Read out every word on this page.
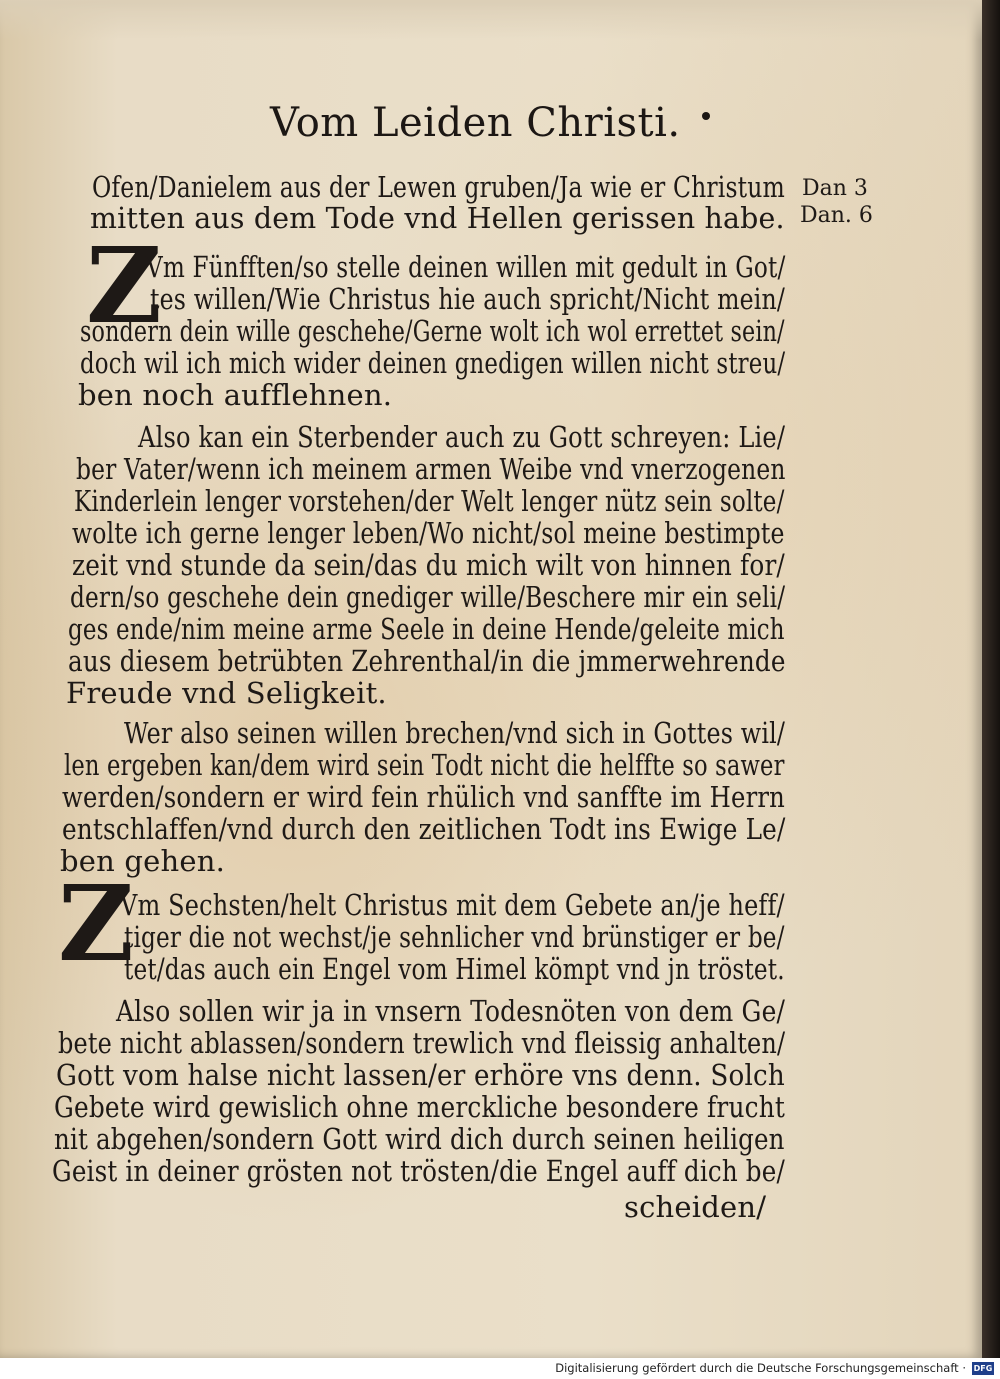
Vom Leiden Christi.
Dan 3
Dan. 6
Ofen/Danielem aus der Lewen gruben/Ja wie er Christum
mitten aus dem Tode vnd Hellen gerissen habe.
Z
Vm Fünfften/so stelle deinen willen mit gedult in Got/
tes willen/Wie Christus hie auch spricht/Nicht mein/
sondern dein wille geschehe/Gerne wolt ich wol errettet sein/
doch wil ich mich wider deinen gnedigen willen nicht streu/
ben noch aufflehnen.
Also kan ein Sterbender auch zu Gott schreyen: Lie/
ber Vater/wenn ich meinem armen Weibe vnd vnerzogenen
Kinderlein lenger vorstehen/der Welt lenger nütz sein solte/
wolte ich gerne lenger leben/Wo nicht/sol meine bestimpte
zeit vnd stunde da sein/das du mich wilt von hinnen for/
dern/so geschehe dein gnediger wille/Beschere mir ein seli/
ges ende/nim meine arme Seele in deine Hende/geleite mich
aus diesem betrübten Zehrenthal/in die jmmerwehrende
Freude vnd Seligkeit.
Wer also seinen willen brechen/vnd sich in Gottes wil/
len ergeben kan/dem wird sein Todt nicht die helffte so sawer
werden/sondern er wird fein rhülich vnd sanffte im Herrn
entschlaffen/vnd durch den zeitlichen Todt ins Ewige Le/
ben gehen.
Z
Vm Sechsten/helt Christus mit dem Gebete an/je heff/
tiger die not wechst/je sehnlicher vnd brünstiger er be/
tet/das auch ein Engel vom Himel kömpt vnd jn tröstet.
Also sollen wir ja in vnsern Todesnöten von dem Ge/
bete nicht ablassen/sondern trewlich vnd fleissig anhalten/
Gott vom halse nicht lassen/er erhöre vns denn. Solch
Gebete wird gewislich ohne merckliche besondere frucht
nit abgehen/sondern Gott wird dich durch seinen heiligen
Geist in deiner grösten not trösten/die Engel auff dich be/
scheiden/
Digitalisierung gefördert durch die Deutsche Forschungsgemeinschaft · DFG
